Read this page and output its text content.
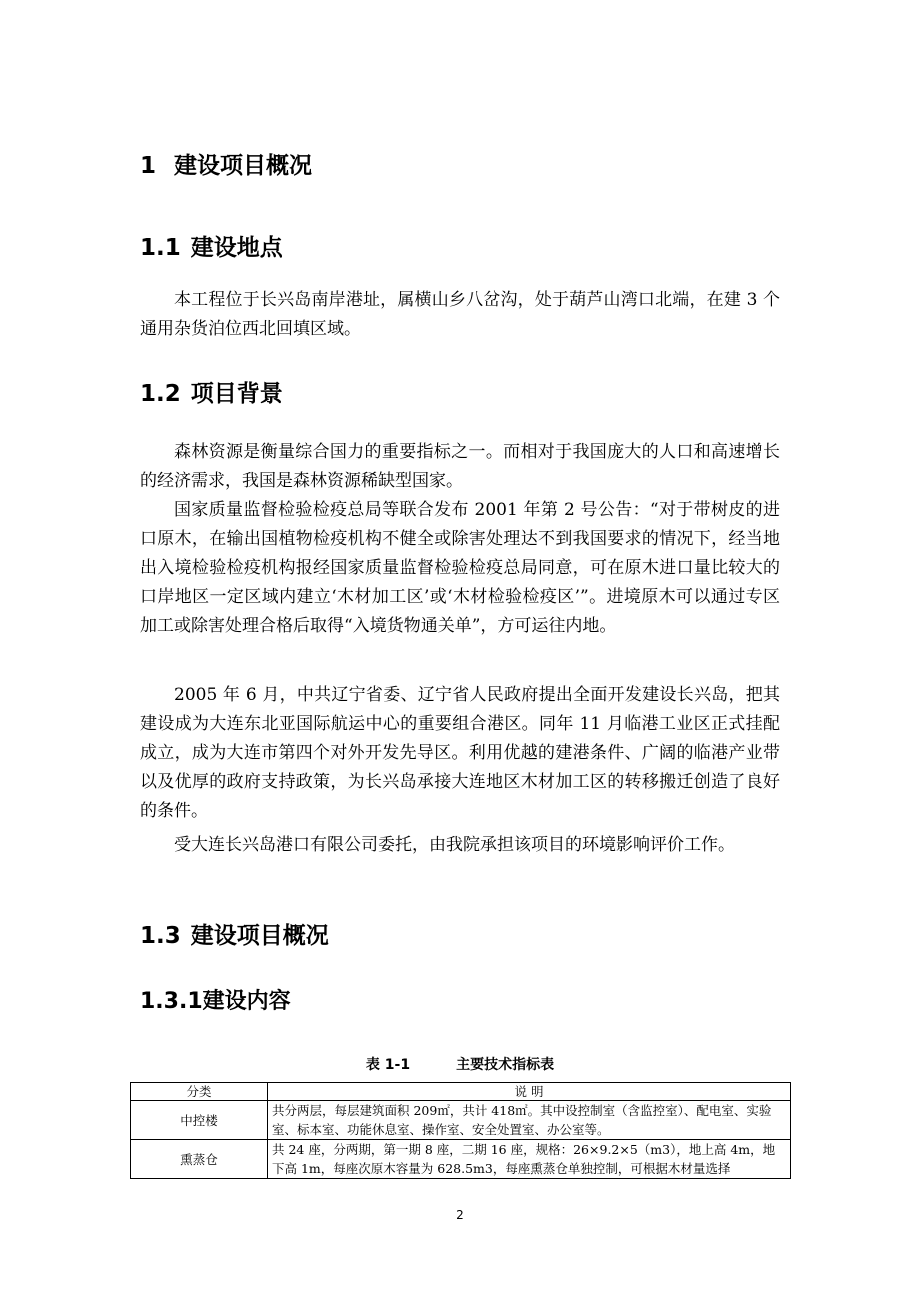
1 建设项目概况
1.1 建设地点

本工程位于长兴岛南岸港址，属横山乡八岔沟，处于葫芦山湾口北端，在建 3 个通用杂货泊位西北回填区域。

1.2 项目背景

森林资源是衡量综合国力的重要指标之一。而相对于我国庞大的人口和高速增长的经济需求，我国是森林资源稀缺型国家。

国家质量监督检验检疫总局等联合发布 2001 年第 2 号公告：“对于带树皮的进口原木，在输出国植物检疫机构不健全或除害处理达不到我国要求的情况下，经当地出入境检验检疫机构报经国家质量监督检验检疫总局同意，可在原木进口量比较大的口岸地区一定区域内建立‘木材加工区’或‘木材检验检疫区’”。进境原木可以通过专区加工或除害处理合格后取得“入境货物通关单”，方可运往内地。

2005 年 6 月，中共辽宁省委、辽宁省人民政府提出全面开发建设长兴岛，把其建设成为大连东北亚国际航运中心的重要组合港区。同年 11 月临港工业区正式挂配成立，成为大连市第四个对外开发先导区。利用优越的建港条件、广阔的临港产业带以及优厚的政府支持政策，为长兴岛承接大连地区木材加工区的转移搬迁创造了良好的条件。

受大连长兴岛港口有限公司委托，由我院承担该项目的环境影响评价工作。

1.3 建设项目概况
1.3.1建设内容
表 1-1	主要技术指标表
分类	说 明
中控楼	共分两层，每层建筑面积 209㎡，共计 418㎡。其中设控制室（含监控室）、配电室、实验室、标本室、功能休息室、操作室、安全处置室、办公室等。
熏蒸仓	共 24 座，分两期，第一期 8 座，二期 16 座，规格：26×9.2×5（m3），地上高 4m，地下高 1m，每座次原木容量为 628.5m3，每座熏蒸仓单独控制，可根据木材量选择
2
